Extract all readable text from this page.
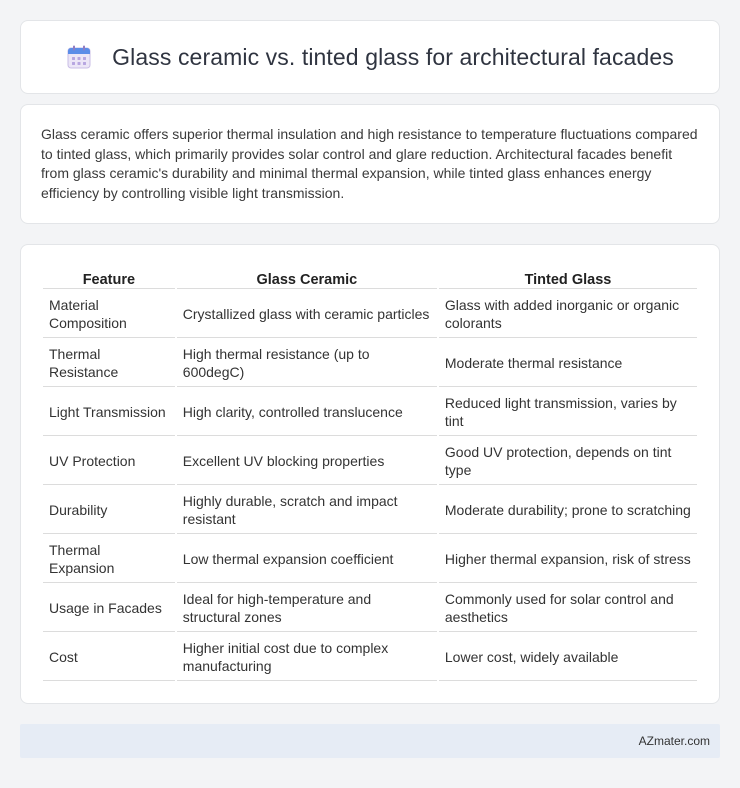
Glass ceramic vs. tinted glass for architectural facades

Glass ceramic offers superior thermal insulation and high resistance to temperature fluctuations compared to tinted glass, which primarily provides solar control and glare reduction. Architectural facades benefit from glass ceramic's durability and minimal thermal expansion, while tinted glass enhances energy efficiency by controlling visible light transmission.

Feature	Glass Ceramic	Tinted Glass
Material Composition	Crystallized glass with ceramic particles	Glass with added inorganic or organic colorants
Thermal Resistance	High thermal resistance (up to 600degC)	Moderate thermal resistance
Light Transmission	High clarity, controlled translucence	Reduced light transmission, varies by tint
UV Protection	Excellent UV blocking properties	Good UV protection, depends on tint type
Durability	Highly durable, scratch and impact resistant	Moderate durability; prone to scratching
Thermal Expansion	Low thermal expansion coefficient	Higher thermal expansion, risk of stress
Usage in Facades	Ideal for high-temperature and structural zones	Commonly used for solar control and aesthetics
Cost	Higher initial cost due to complex manufacturing	Lower cost, widely available
AZmater.com
